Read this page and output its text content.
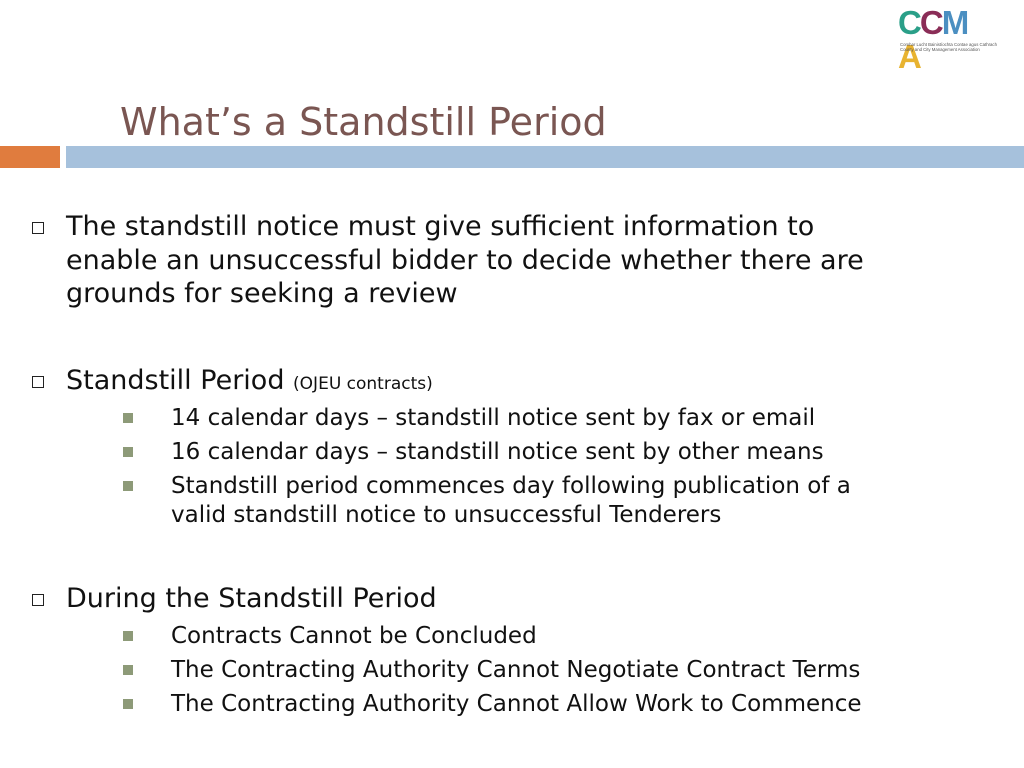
CCMA
Comhar Lucht Bainistíochta Contae agus Cathrach
County and City Management Association
What’s a Standstill Period
The standstill notice must give sufficient information to
enable an unsuccessful bidder to decide whether there are
grounds for seeking a review
Standstill Period (OJEU contracts)
14 calendar days – standstill notice sent by fax or email
16 calendar days – standstill notice sent by other means
Standstill period commences day following publication of a
valid standstill notice to unsuccessful Tenderers
During the Standstill Period
Contracts Cannot be Concluded
The Contracting Authority Cannot Negotiate Contract Terms
The Contracting Authority Cannot Allow Work to Commence
